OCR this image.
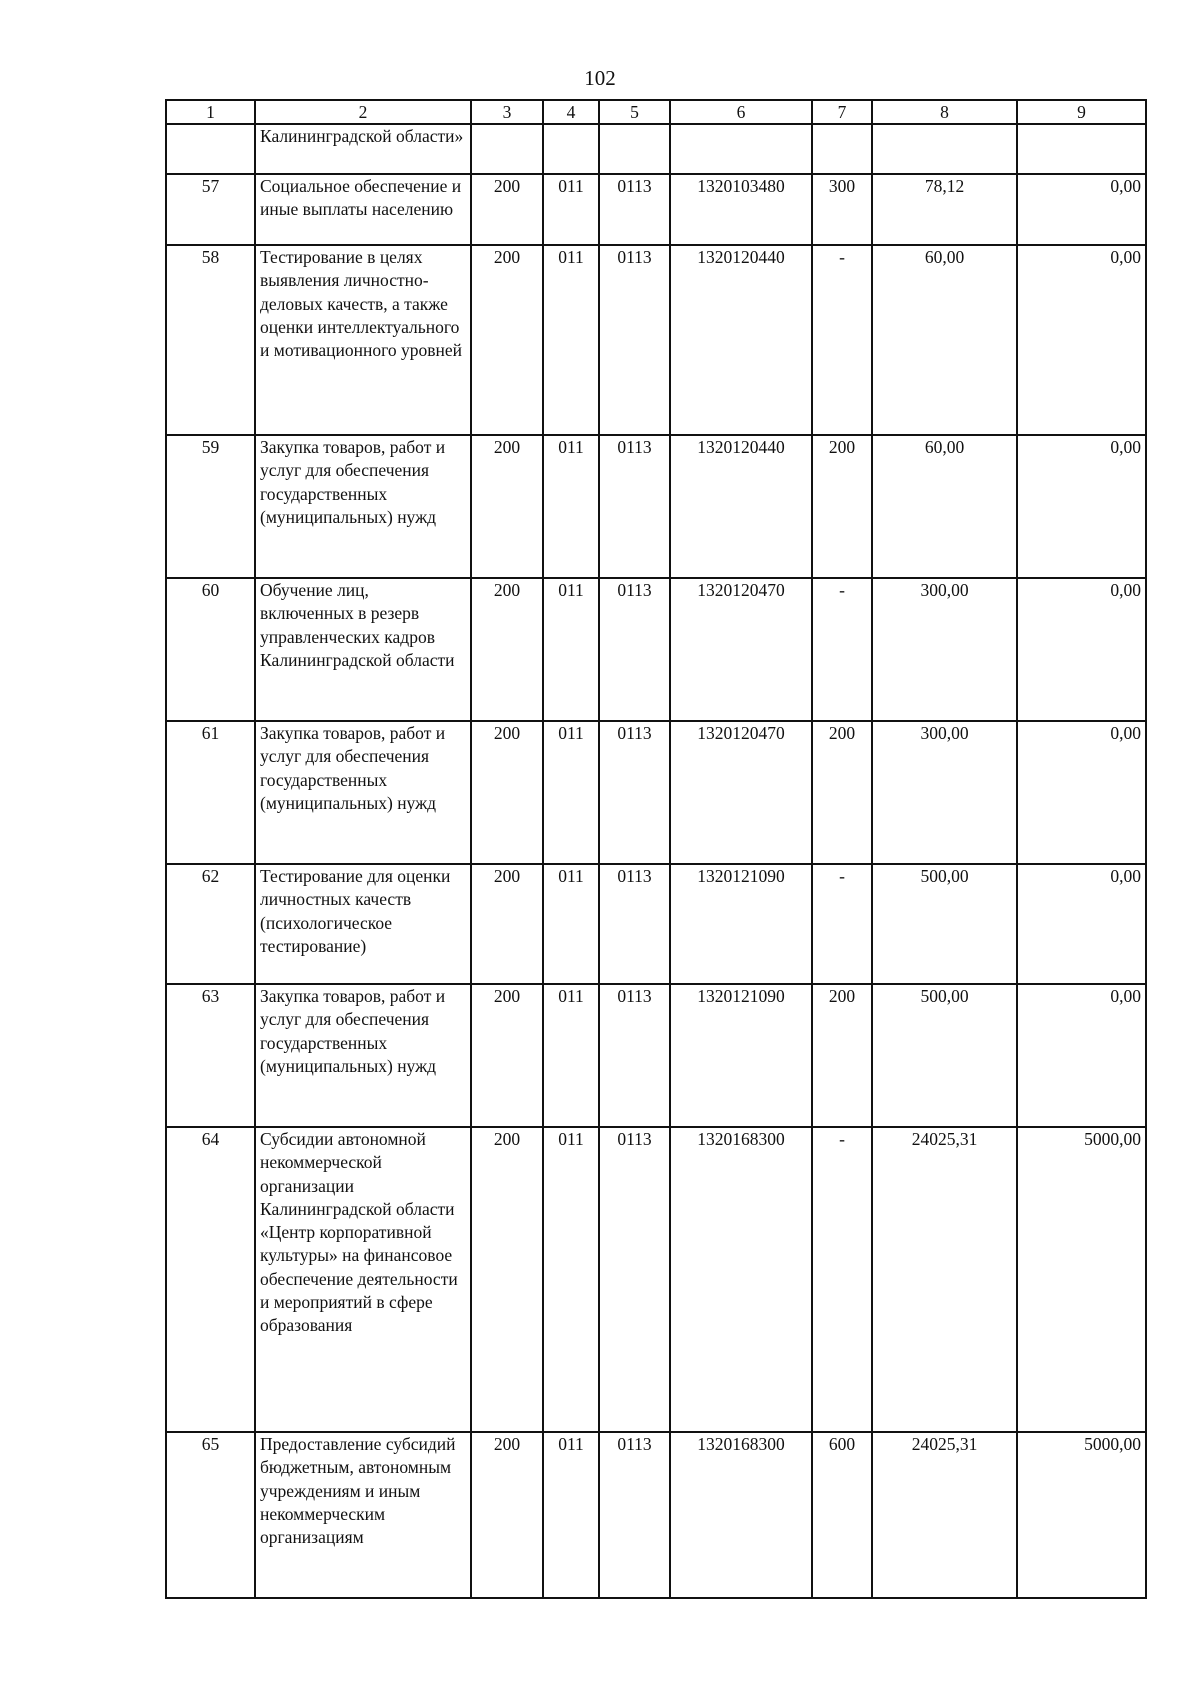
102
1	2	3	4	5	6	7	8	9
	Калининградской области»							
57	Социальное обеспечение и иные выплаты населению	200	011	0113	1320103480	300	78,12	0,00
58	Тестирование в целях выявления личностно-деловых качеств, а также оценки интеллектуального и мотивационного уровней	200	011	0113	1320120440	-	60,00	0,00
59	Закупка товаров, работ и услуг для обеспечения государственных (муниципальных) нужд	200	011	0113	1320120440	200	60,00	0,00
60	Обучение лиц, включенных в резерв управленческих кадров Калининградской области	200	011	0113	1320120470	-	300,00	0,00
61	Закупка товаров, работ и услуг для обеспечения государственных (муниципальных) нужд	200	011	0113	1320120470	200	300,00	0,00
62	Тестирование для оценки личностных качеств (психологическое тестирование)	200	011	0113	1320121090	-	500,00	0,00
63	Закупка товаров, работ и услуг для обеспечения государственных (муниципальных) нужд	200	011	0113	1320121090	200	500,00	0,00
64	Субсидии автономной некоммерческой организации Калининградской области «Центр корпоративной культуры» на финансовое обеспечение деятельности и мероприятий в сфере образования	200	011	0113	1320168300	-	24025,31	5000,00
65	Предоставление субсидий бюджетным, автономным учреждениям и иным некоммерческим организациям	200	011	0113	1320168300	600	24025,31	5000,00
